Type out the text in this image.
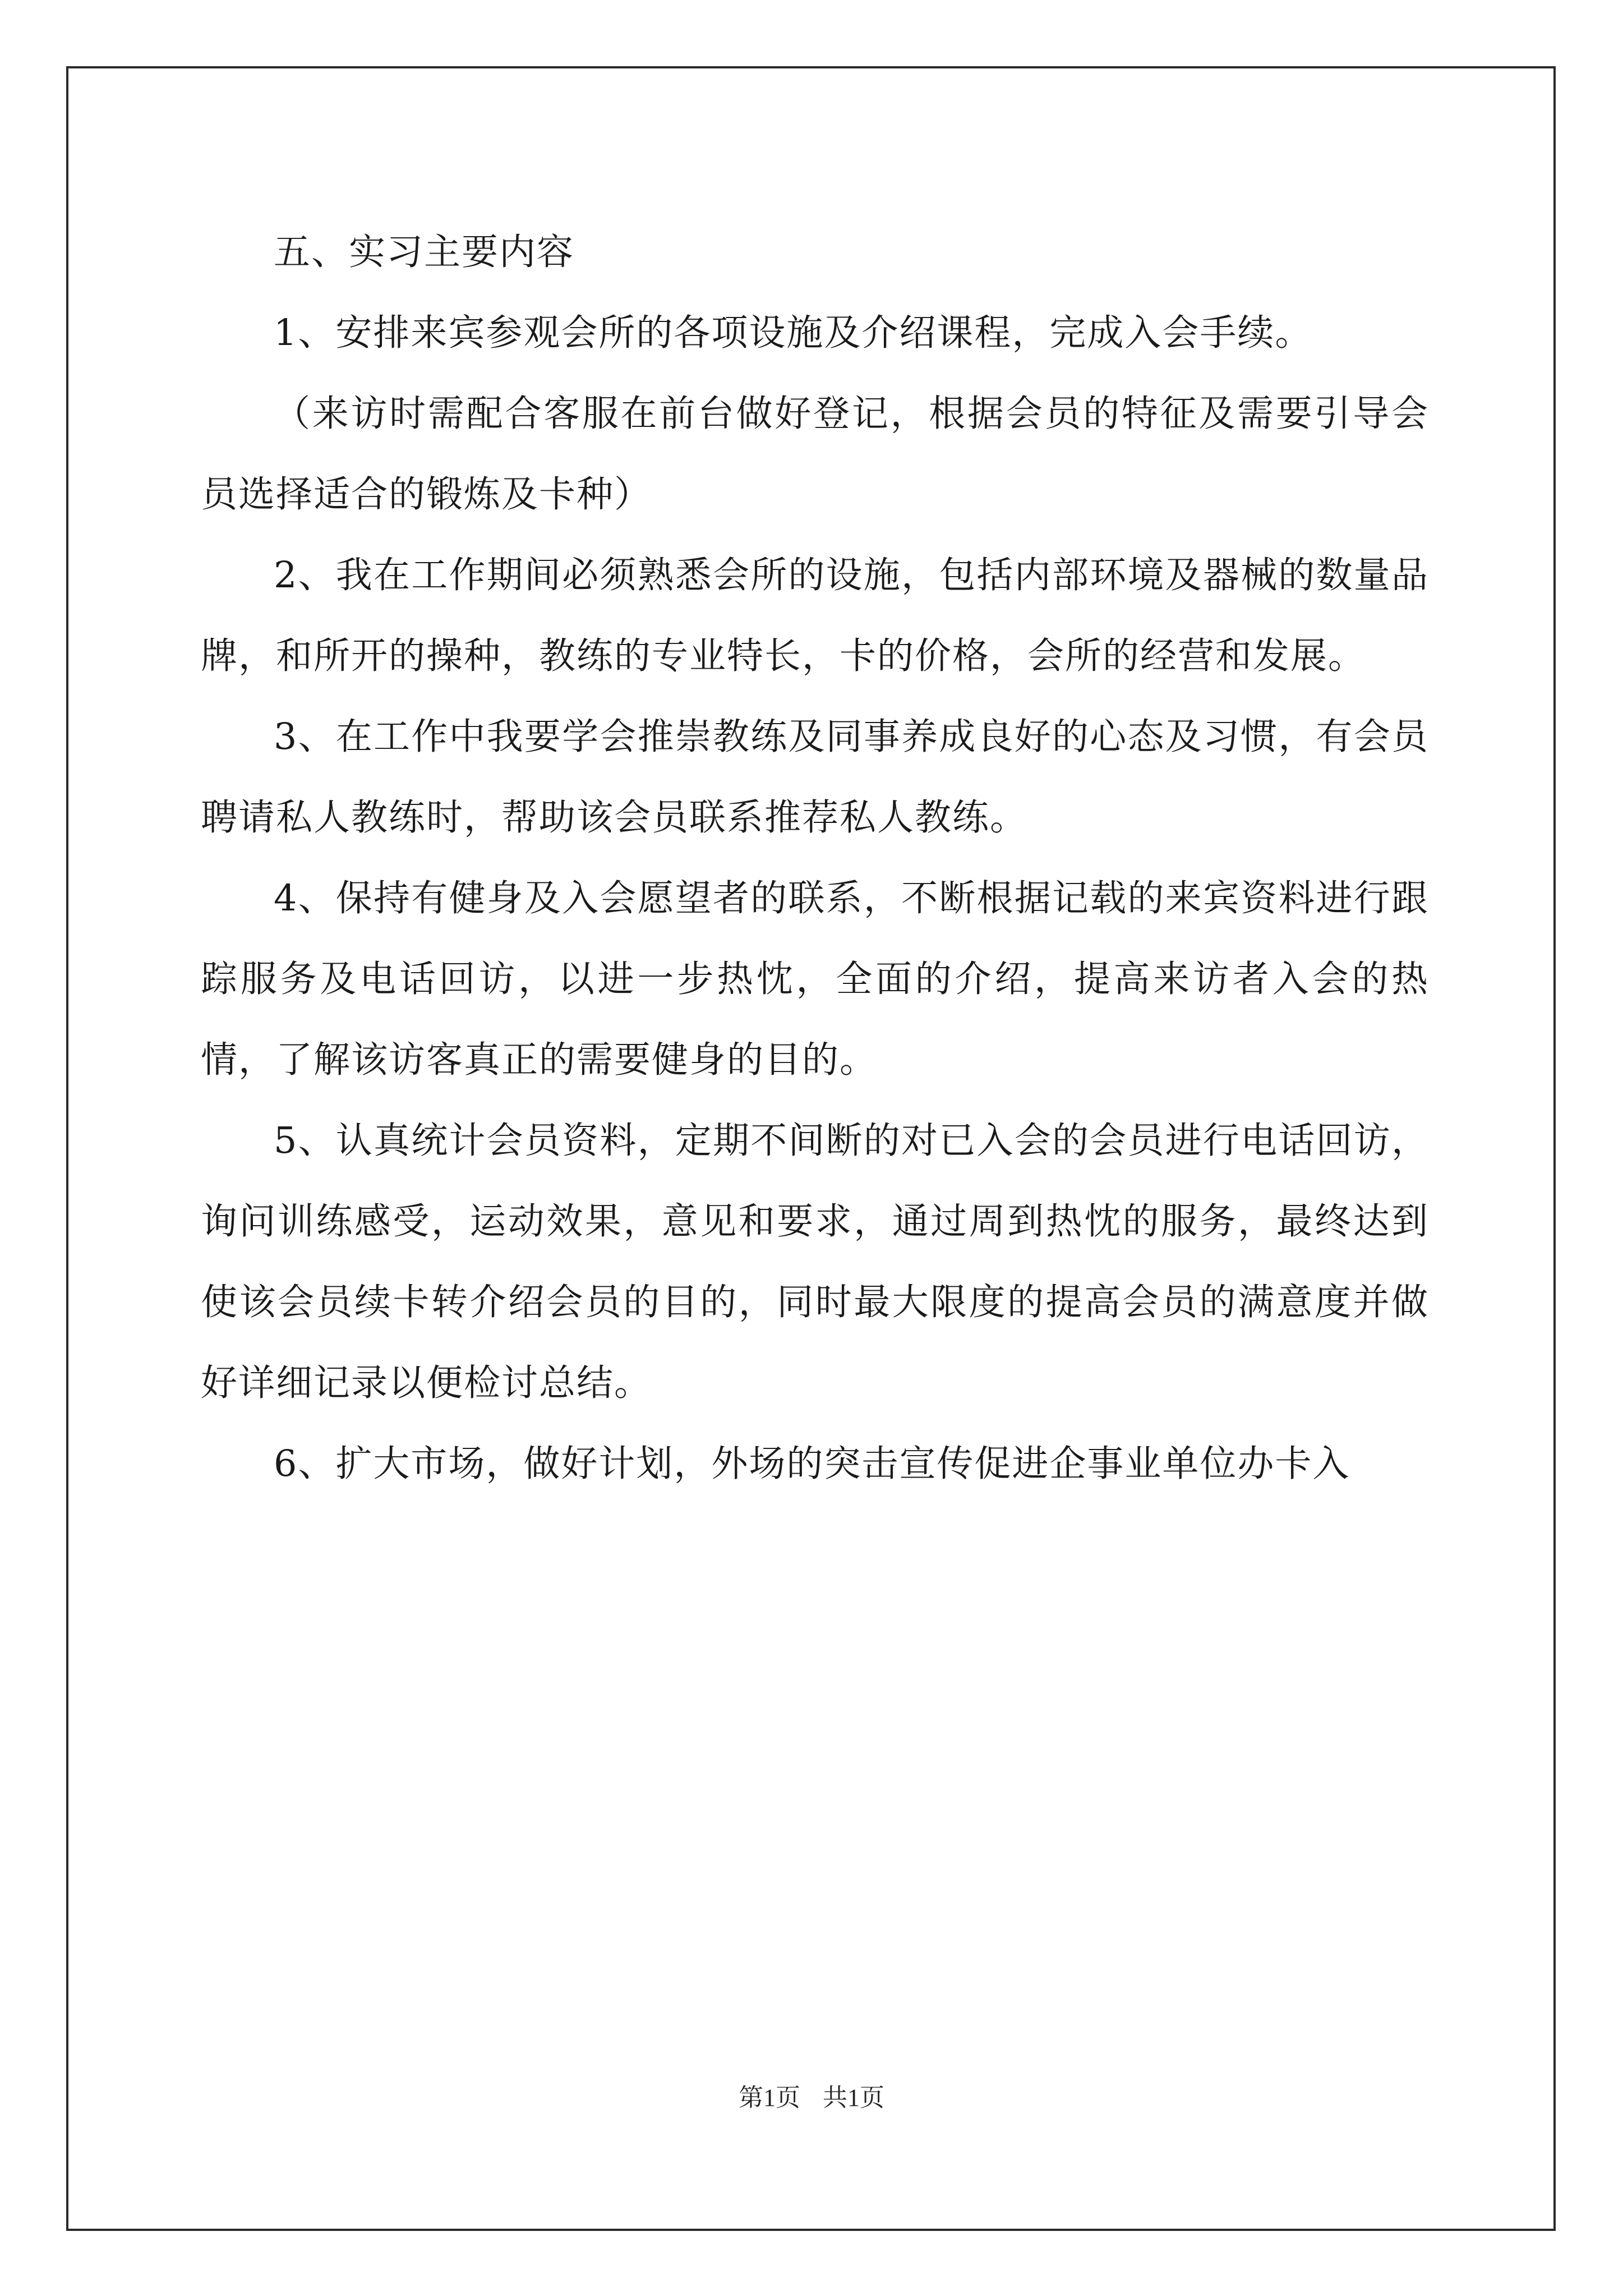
五、实习主要内容

1、安排来宾参观会所的各项设施及介绍课程，完成入会手续。

（来访时需配合客服在前台做好登记，根据会员的特征及需要引导会员选择适合的锻炼及卡种）

2、我在工作期间必须熟悉会所的设施，包括内部环境及器械的数量品牌，和所开的操种，教练的专业特长，卡的价格，会所的经营和发展。

3、在工作中我要学会推崇教练及同事养成良好的心态及习惯，有会员聘请私人教练时，帮助该会员联系推荐私人教练。

4、保持有健身及入会愿望者的联系，不断根据记载的来宾资料进行跟踪服务及电话回访，以进一步热忱，全面的介绍，提高来访者入会的热情，了解该访客真正的需要健身的目的。

5、认真统计会员资料，定期不间断的对已入会的会员进行电话回访，询问训练感受，运动效果，意见和要求，通过周到热忱的服务，最终达到使该会员续卡转介绍会员的目的，同时最大限度的提高会员的满意度并做好详细记录以便检讨总结。

6、扩大市场，做好计划，外场的突击宣传促进企事业单位办卡入

第1页 共1页
